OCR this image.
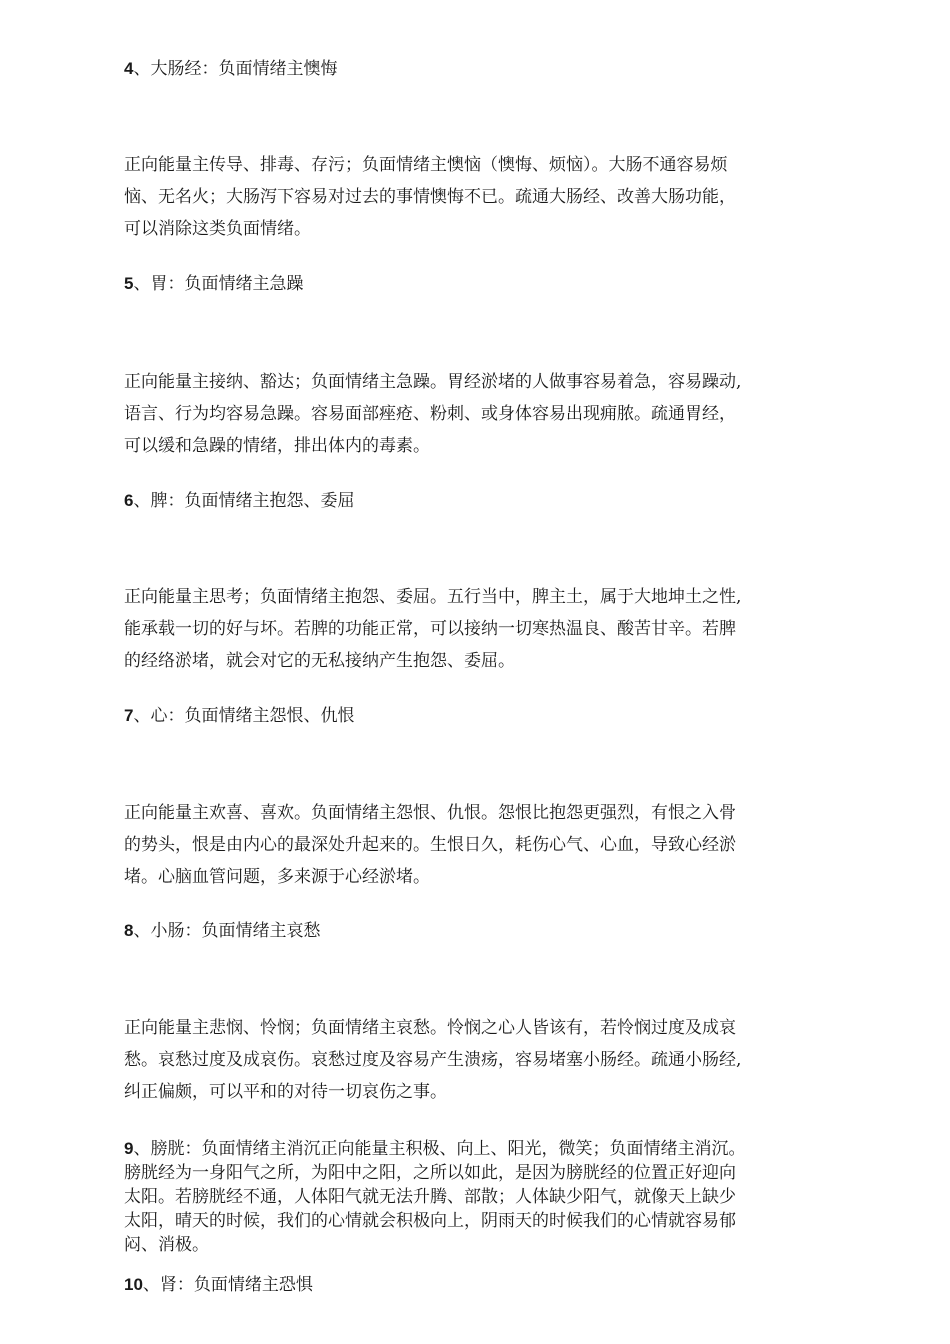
4、大肠经：负面情绪主懊悔
正向能量主传导、排毒、存污；负面情绪主懊恼（懊悔、烦恼）。大肠不通容易烦
恼、无名火；大肠泻下容易对过去的事情懊悔不已。疏通大肠经、改善大肠功能，
可以消除这类负面情绪。
5、胃：负面情绪主急躁
正向能量主接纳、豁达；负面情绪主急躁。胃经淤堵的人做事容易着急，容易躁动,
语言、行为均容易急躁。容易面部痤疮、粉刺、或身体容易出现痈脓。疏通胃经，
可以缓和急躁的情绪，排出体内的毒素。
6、脾：负面情绪主抱怨、委屈
正向能量主思考；负面情绪主抱怨、委屈。五行当中，脾主土，属于大地坤土之性,
能承载一切的好与坏。若脾的功能正常，可以接纳一切寒热温良、酸苦甘辛。若脾
的经络淤堵，就会对它的无私接纳产生抱怨、委屈。
7、心：负面情绪主怨恨、仇恨
正向能量主欢喜、喜欢。负面情绪主怨恨、仇恨。怨恨比抱怨更强烈，有恨之入骨
的势头，恨是由内心的最深处升起来的。生恨日久，耗伤心气、心血，导致心经淤
堵。心脑血管问题，多来源于心经淤堵。
8、小肠：负面情绪主哀愁
正向能量主悲悯、怜悯；负面情绪主哀愁。怜悯之心人皆该有，若怜悯过度及成哀
愁。哀愁过度及成哀伤。哀愁过度及容易产生溃疡，容易堵塞小肠经。疏通小肠经,
纠正偏颇，可以平和的对待一切哀伤之事。
9、膀胱：负面情绪主消沉正向能量主积极、向上、阳光，微笑；负面情绪主消沉。
膀胱经为一身阳气之所，为阳中之阳，之所以如此，是因为膀胱经的位置正好迎向
太阳。若膀胱经不通，人体阳气就无法升腾、部散；人体缺少阳气，就像天上缺少
太阳，晴天的时候，我们的心情就会积极向上，阴雨天的时候我们的心情就容易郁
闷、消极。
10、肾：负面情绪主恐惧
